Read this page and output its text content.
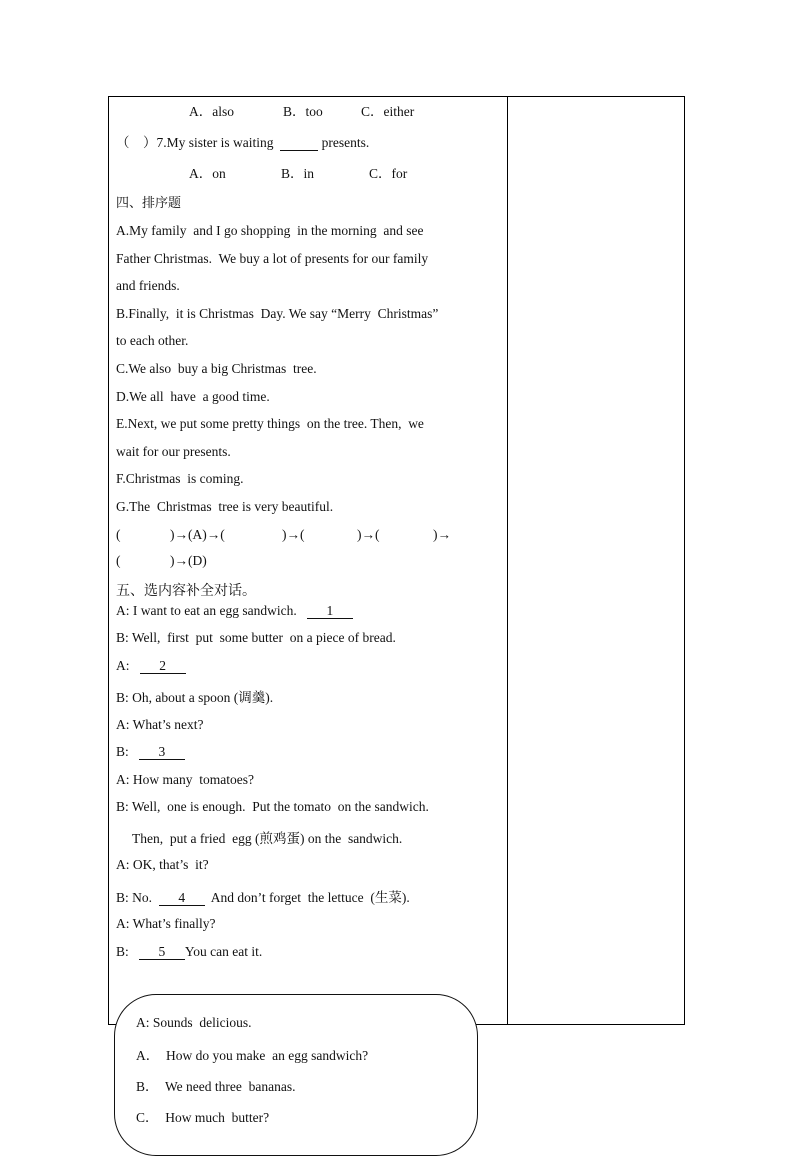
A．also	B．too	C．either
（　）7.My sister is waiting	presents.
A．on	B．in	C．for
四、排序题
A.My family  and I go shopping  in the morning  and see
Father Christmas.  We buy a lot of presents for our family
and friends.
B.Finally,  it is Christmas  Day. We say “Merry  Christmas”
to each other.
C.We also  buy a big Christmas  tree.
D.We all  have  a good time.
E.Next, we put some pretty things  on the tree. Then,  we
wait for our presents.
F.Christmas  is coming.
G.The  Christmas  tree is very beautiful.
(	)→(A)→(	)→(	)→(	)→
(	)→(D)
五、选内容补全对话。
A: I want to eat an egg sandwich. 1
B: Well,  first  put  some butter  on a piece of bread.
A: 2
B: Oh, about a spoon (调羹).
A: What’s next?
B: 3
A: How many  tomatoes?
B: Well,  one is enough.  Put the tomato  on the sandwich.
Then,  put a fried  egg (煎鸡蛋) on the  sandwich.
A: OK, that’s  it?
B: No. 4  And don’t forget  the lettuce  (生菜).
A: What’s finally?
B: 5 You can eat it.
A: Sounds  delicious.
A．  How do you make  an egg sandwich?
B．  We need three  bananas.
C．  How much  butter?
